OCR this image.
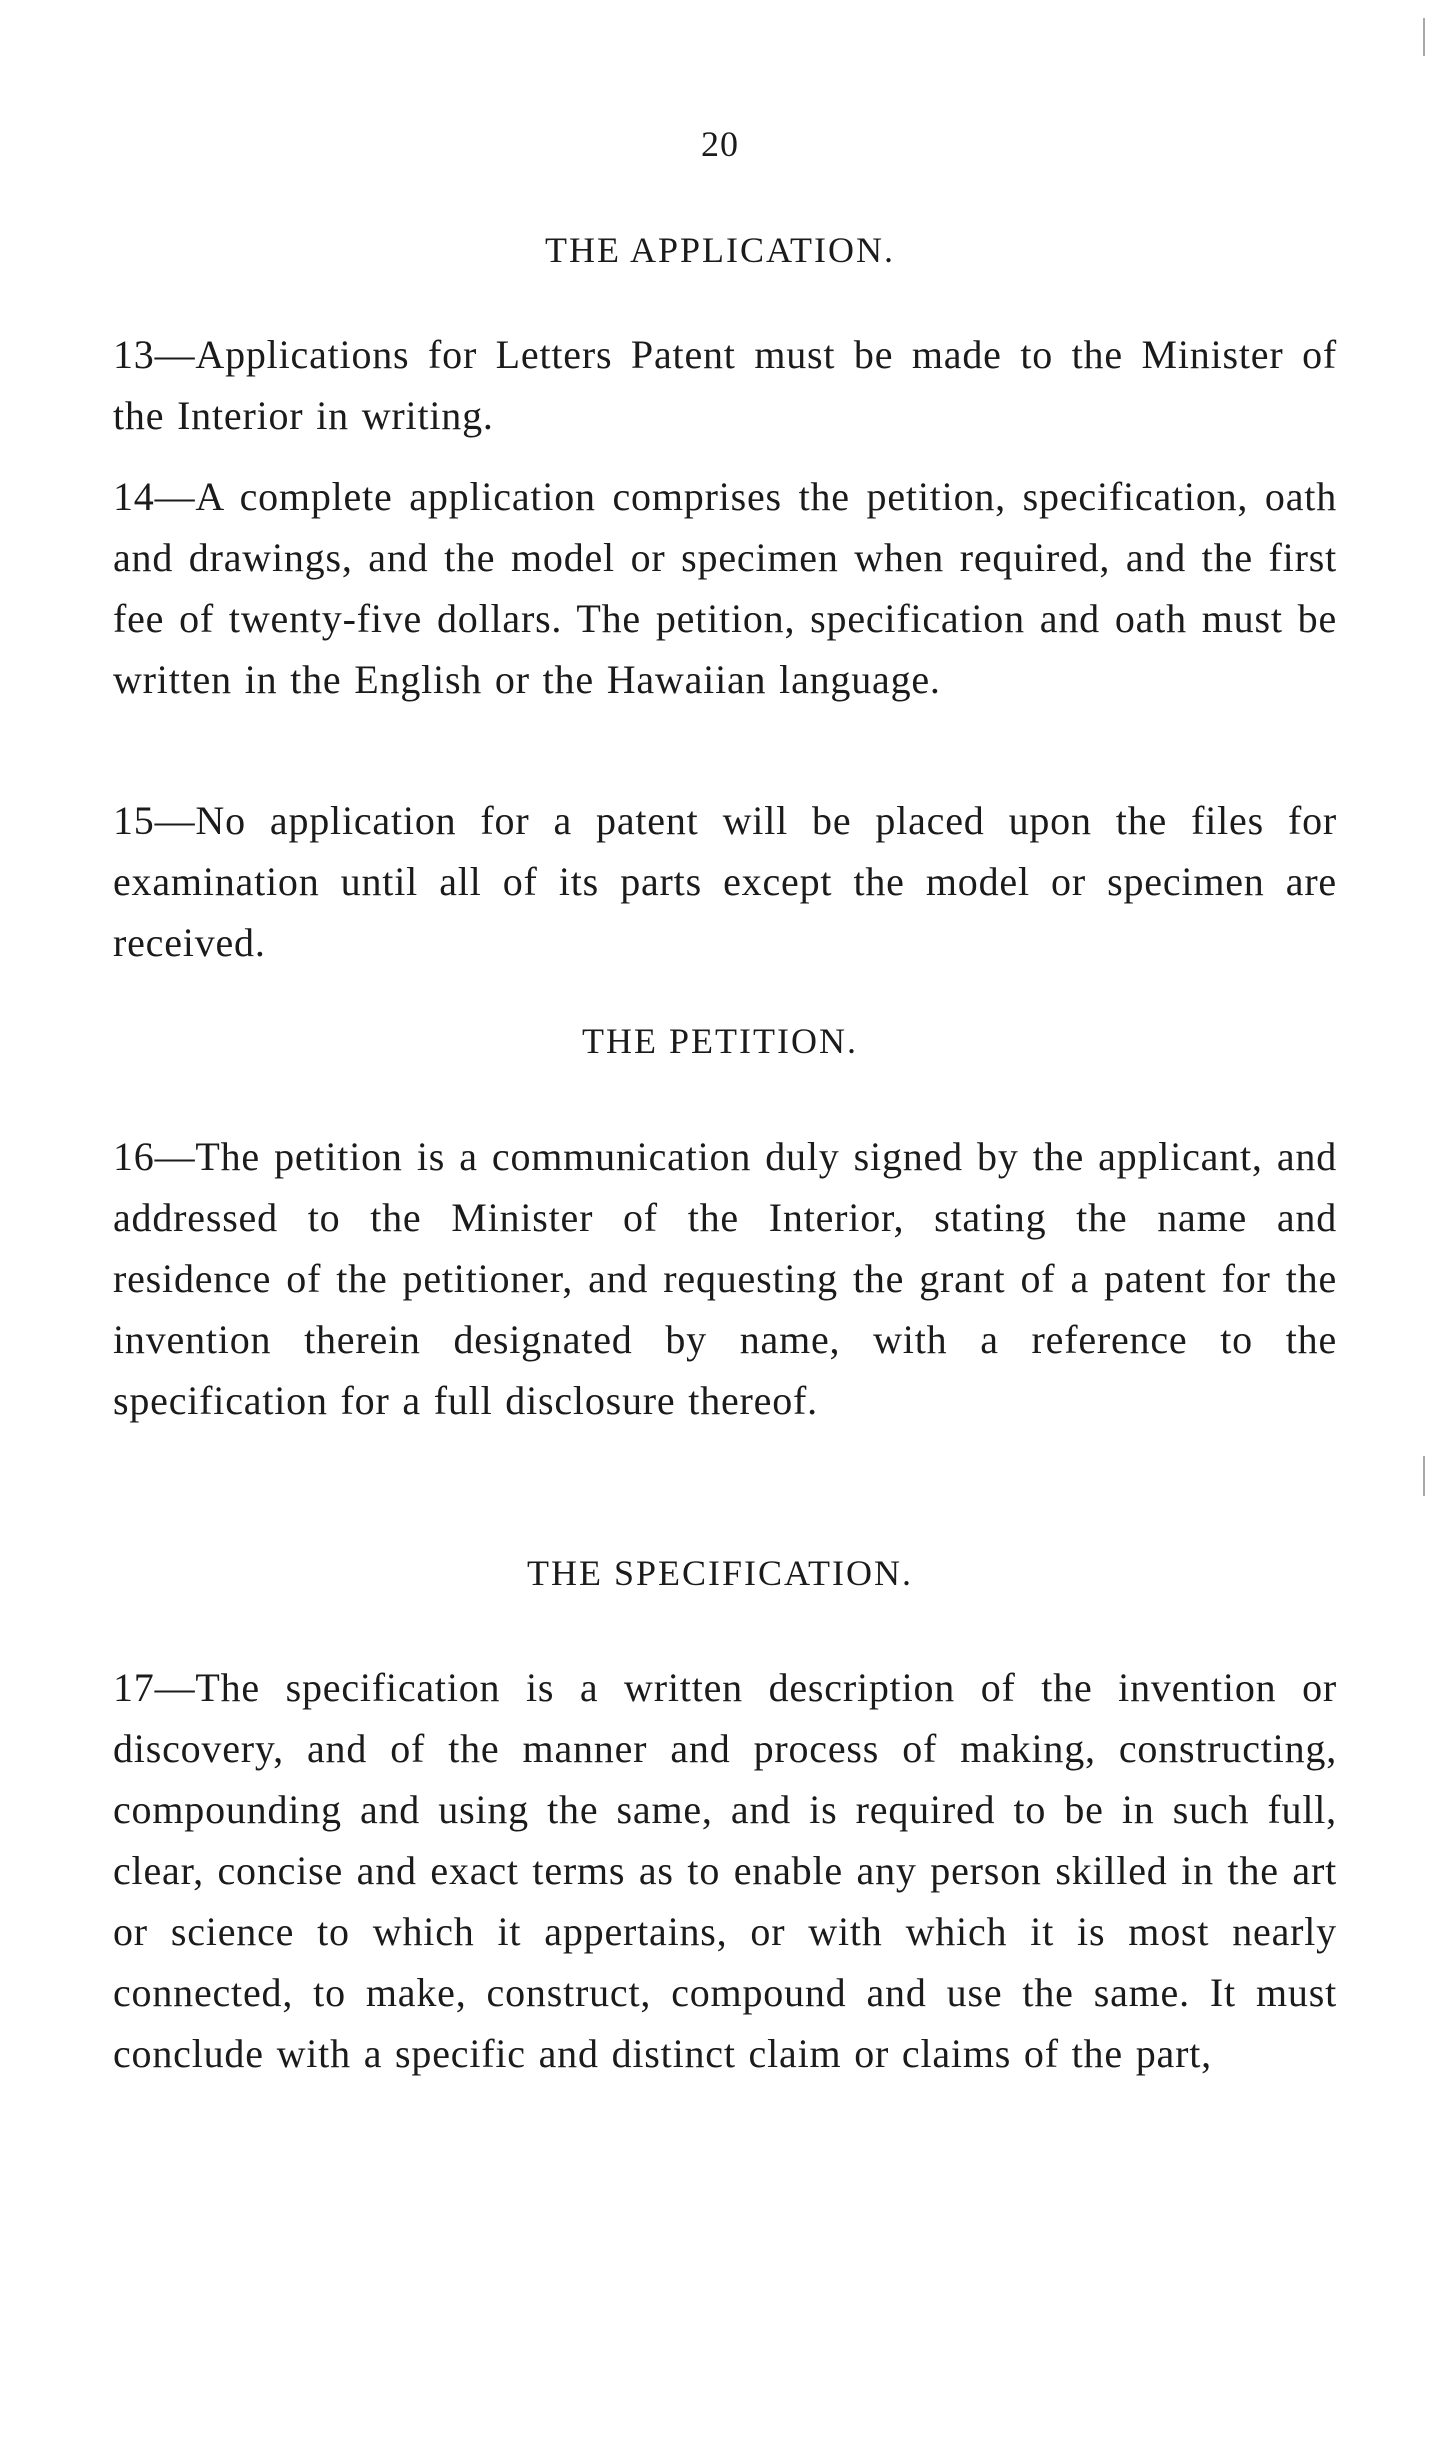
20
THE APPLICATION.

13—Applications for Letters Patent must be made to the Minister of the Interior in writing.

14—A complete application comprises the petition, specification, oath and drawings, and the model or specimen when required, and the first fee of twenty-five dollars. The petition, specification and oath must be written in the English or the Hawaiian language.

15—No application for a patent will be placed upon the files for examination until all of its parts except the model or specimen are received.

THE PETITION.

16—The petition is a communication duly signed by the applicant, and addressed to the Minister of the Interior, stating the name and residence of the petitioner, and requesting the grant of a patent for the invention therein designated by name, with a reference to the specification for a full disclosure thereof.

THE SPECIFICATION.

17—The specification is a written description of the invention or discovery, and of the manner and process of making, constructing, compounding and using the same, and is required to be in such full, clear, concise and exact terms as to enable any person skilled in the art or science to which it appertains, or with which it is most nearly connected, to make, construct, compound and use the same. It must conclude with a specific and distinct claim or claims of the part,
